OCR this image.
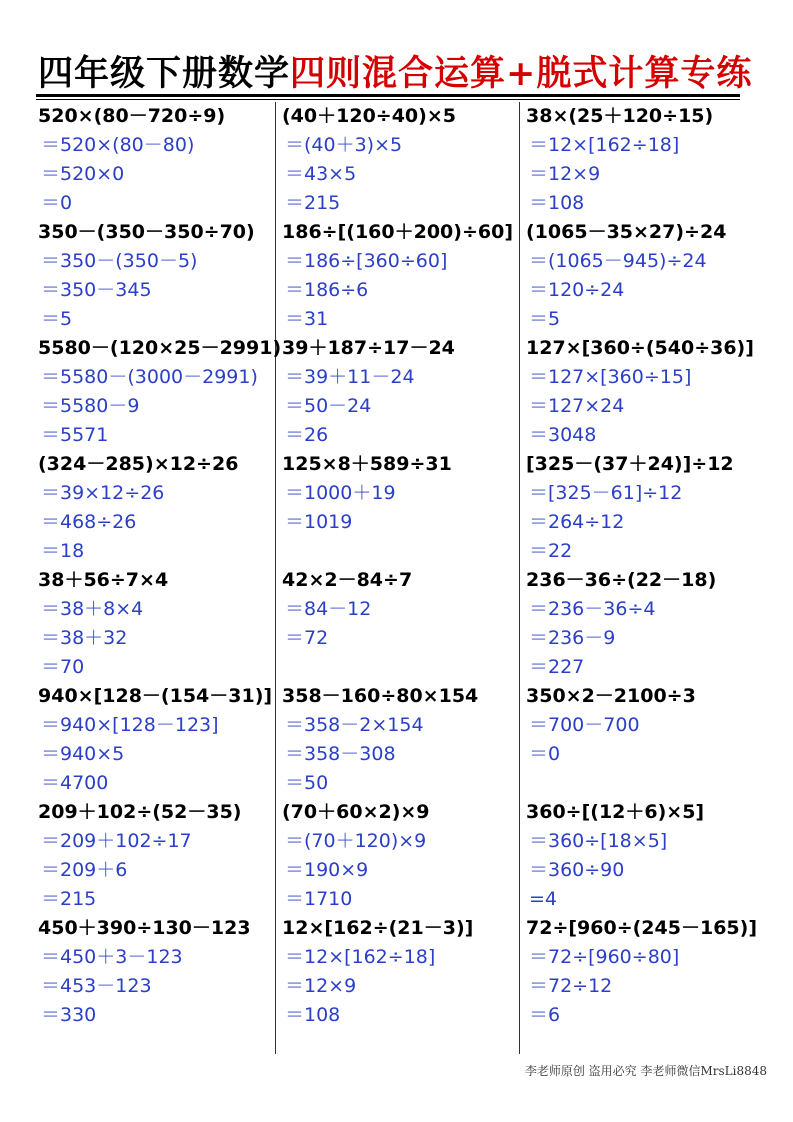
四年级下册数学四则混合运算+脱式计算专练
520×(80－720÷9)
＝520×(80－80)
＝520×0
＝0
350－(350－350÷70)
＝350－(350－5)
＝350－345
＝5
5580－(120×25－2991)
＝5580－(3000－2991)
＝5580－9
＝5571
(324－285)×12÷26
＝39×12÷26
＝468÷26
＝18
38＋56÷7×4
＝38＋8×4
＝38＋32
＝70
940×[128－(154－31)]
＝940×[128－123]
＝940×5
＝4700
209＋102÷(52－35)
＝209＋102÷17
＝209＋6
＝215
450＋390÷130－123
＝450＋3－123
＝453－123
＝330
(40＋120÷40)×5
＝(40＋3)×5
＝43×5
＝215
186÷[(160＋200)÷60]
＝186÷[360÷60]
＝186÷6
＝31
39＋187÷17－24
＝39＋11－24
＝50－24
＝26
125×8＋589÷31
＝1000＋19
＝1019
42×2－84÷7
＝84－12
＝72
358－160÷80×154
＝358－2×154
＝358－308
＝50
(70＋60×2)×9
＝(70＋120)×9
＝190×9
＝1710
12×[162÷(21－3)]
＝12×[162÷18]
＝12×9
＝108
38×(25＋120÷15)
＝12×[162÷18]
＝12×9
＝108
(1065－35×27)÷24
＝(1065－945)÷24
＝120÷24
＝5
127×[360÷(540÷36)]
＝127×[360÷15]
＝127×24
＝3048
[325－(37＋24)]÷12
＝[325－61]÷12
＝264÷12
＝22
236－36÷(22－18)
＝236－36÷4
＝236－9
＝227
350×2－2100÷3
＝700－700
＝0
360÷[(12＋6)×5]
＝360÷[18×5]
＝360÷90
=4
72÷[960÷(245－165)]
＝72÷[960÷80]
＝72÷12
＝6
李老师原创 盗用必究 李老师微信MrsLi8848
